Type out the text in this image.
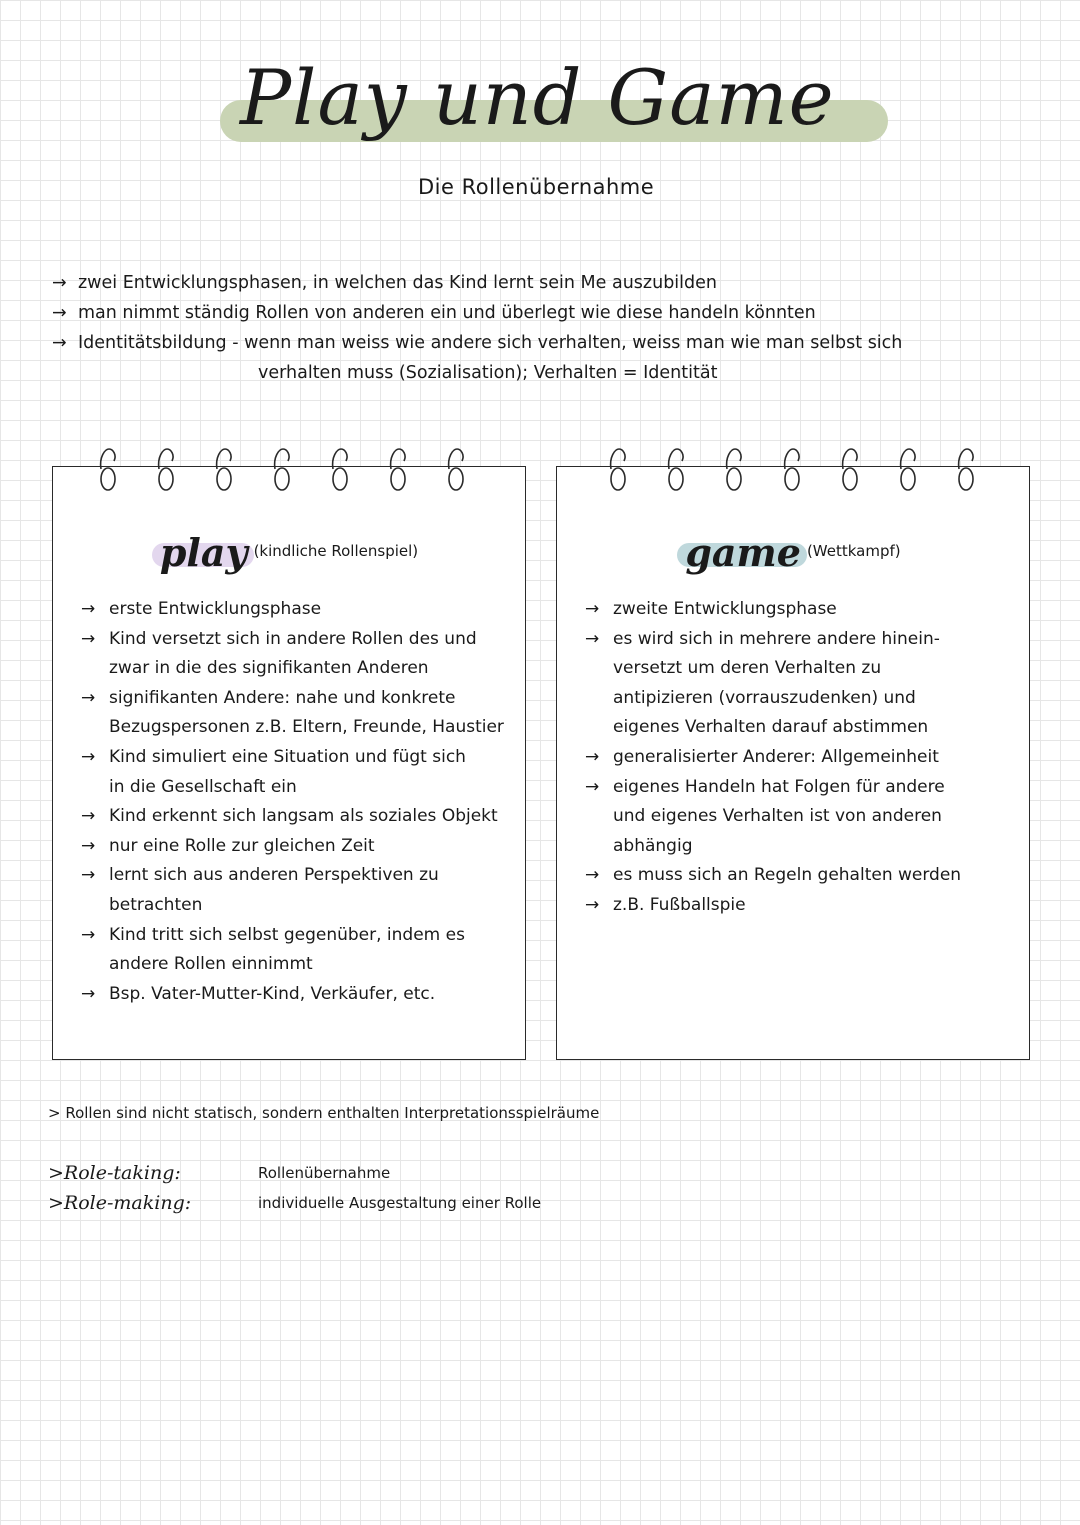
Play und Game
Die Rollenübernahme
→ zwei Entwicklungsphasen, in welchen das Kind lernt sein Me auszubilden
→ man nimmt ständig Rollen von anderen ein und überlegt wie diese handeln könnten
→ Identitätsbildung - wenn man weiss wie andere sich verhalten, weiss man wie man selbst sich
verhalten muss (Sozialisation); Verhalten = Identität
play (kindliche Rollenspiel)
→ erste Entwicklungsphase
→ Kind versetzt sich in andere Rollen des und
zwar in die des signifikanten Anderen
→ signifikanten Andere: nahe und konkrete
Bezugspersonen z.B. Eltern, Freunde, Haustier
→ Kind simuliert eine Situation und fügt sich
in die Gesellschaft ein
→ Kind erkennt sich langsam als soziales Objekt
→ nur eine Rolle zur gleichen Zeit
→ lernt sich aus anderen Perspektiven zu
betrachten
→ Kind tritt sich selbst gegenüber, indem es
andere Rollen einnimmt
→ Bsp. Vater-Mutter-Kind, Verkäufer, etc.
game (Wettkampf)
→ zweite Entwicklungsphase
→ es wird sich in mehrere andere hinein-
versetzt um deren Verhalten zu
antipizieren (vorrauszudenken) und
eigenes Verhalten darauf abstimmen
→ generalisierter Anderer: Allgemeinheit
→ eigenes Handeln hat Folgen für andere
und eigenes Verhalten ist von anderen
abhängig
→ es muss sich an Regeln gehalten werden
→ z.B. Fußballspie
> Rollen sind nicht statisch, sondern enthalten Interpretationsspielräume
>Role-taking:	Rollenübernahme
>Role-making:	individuelle Ausgestaltung einer Rolle
